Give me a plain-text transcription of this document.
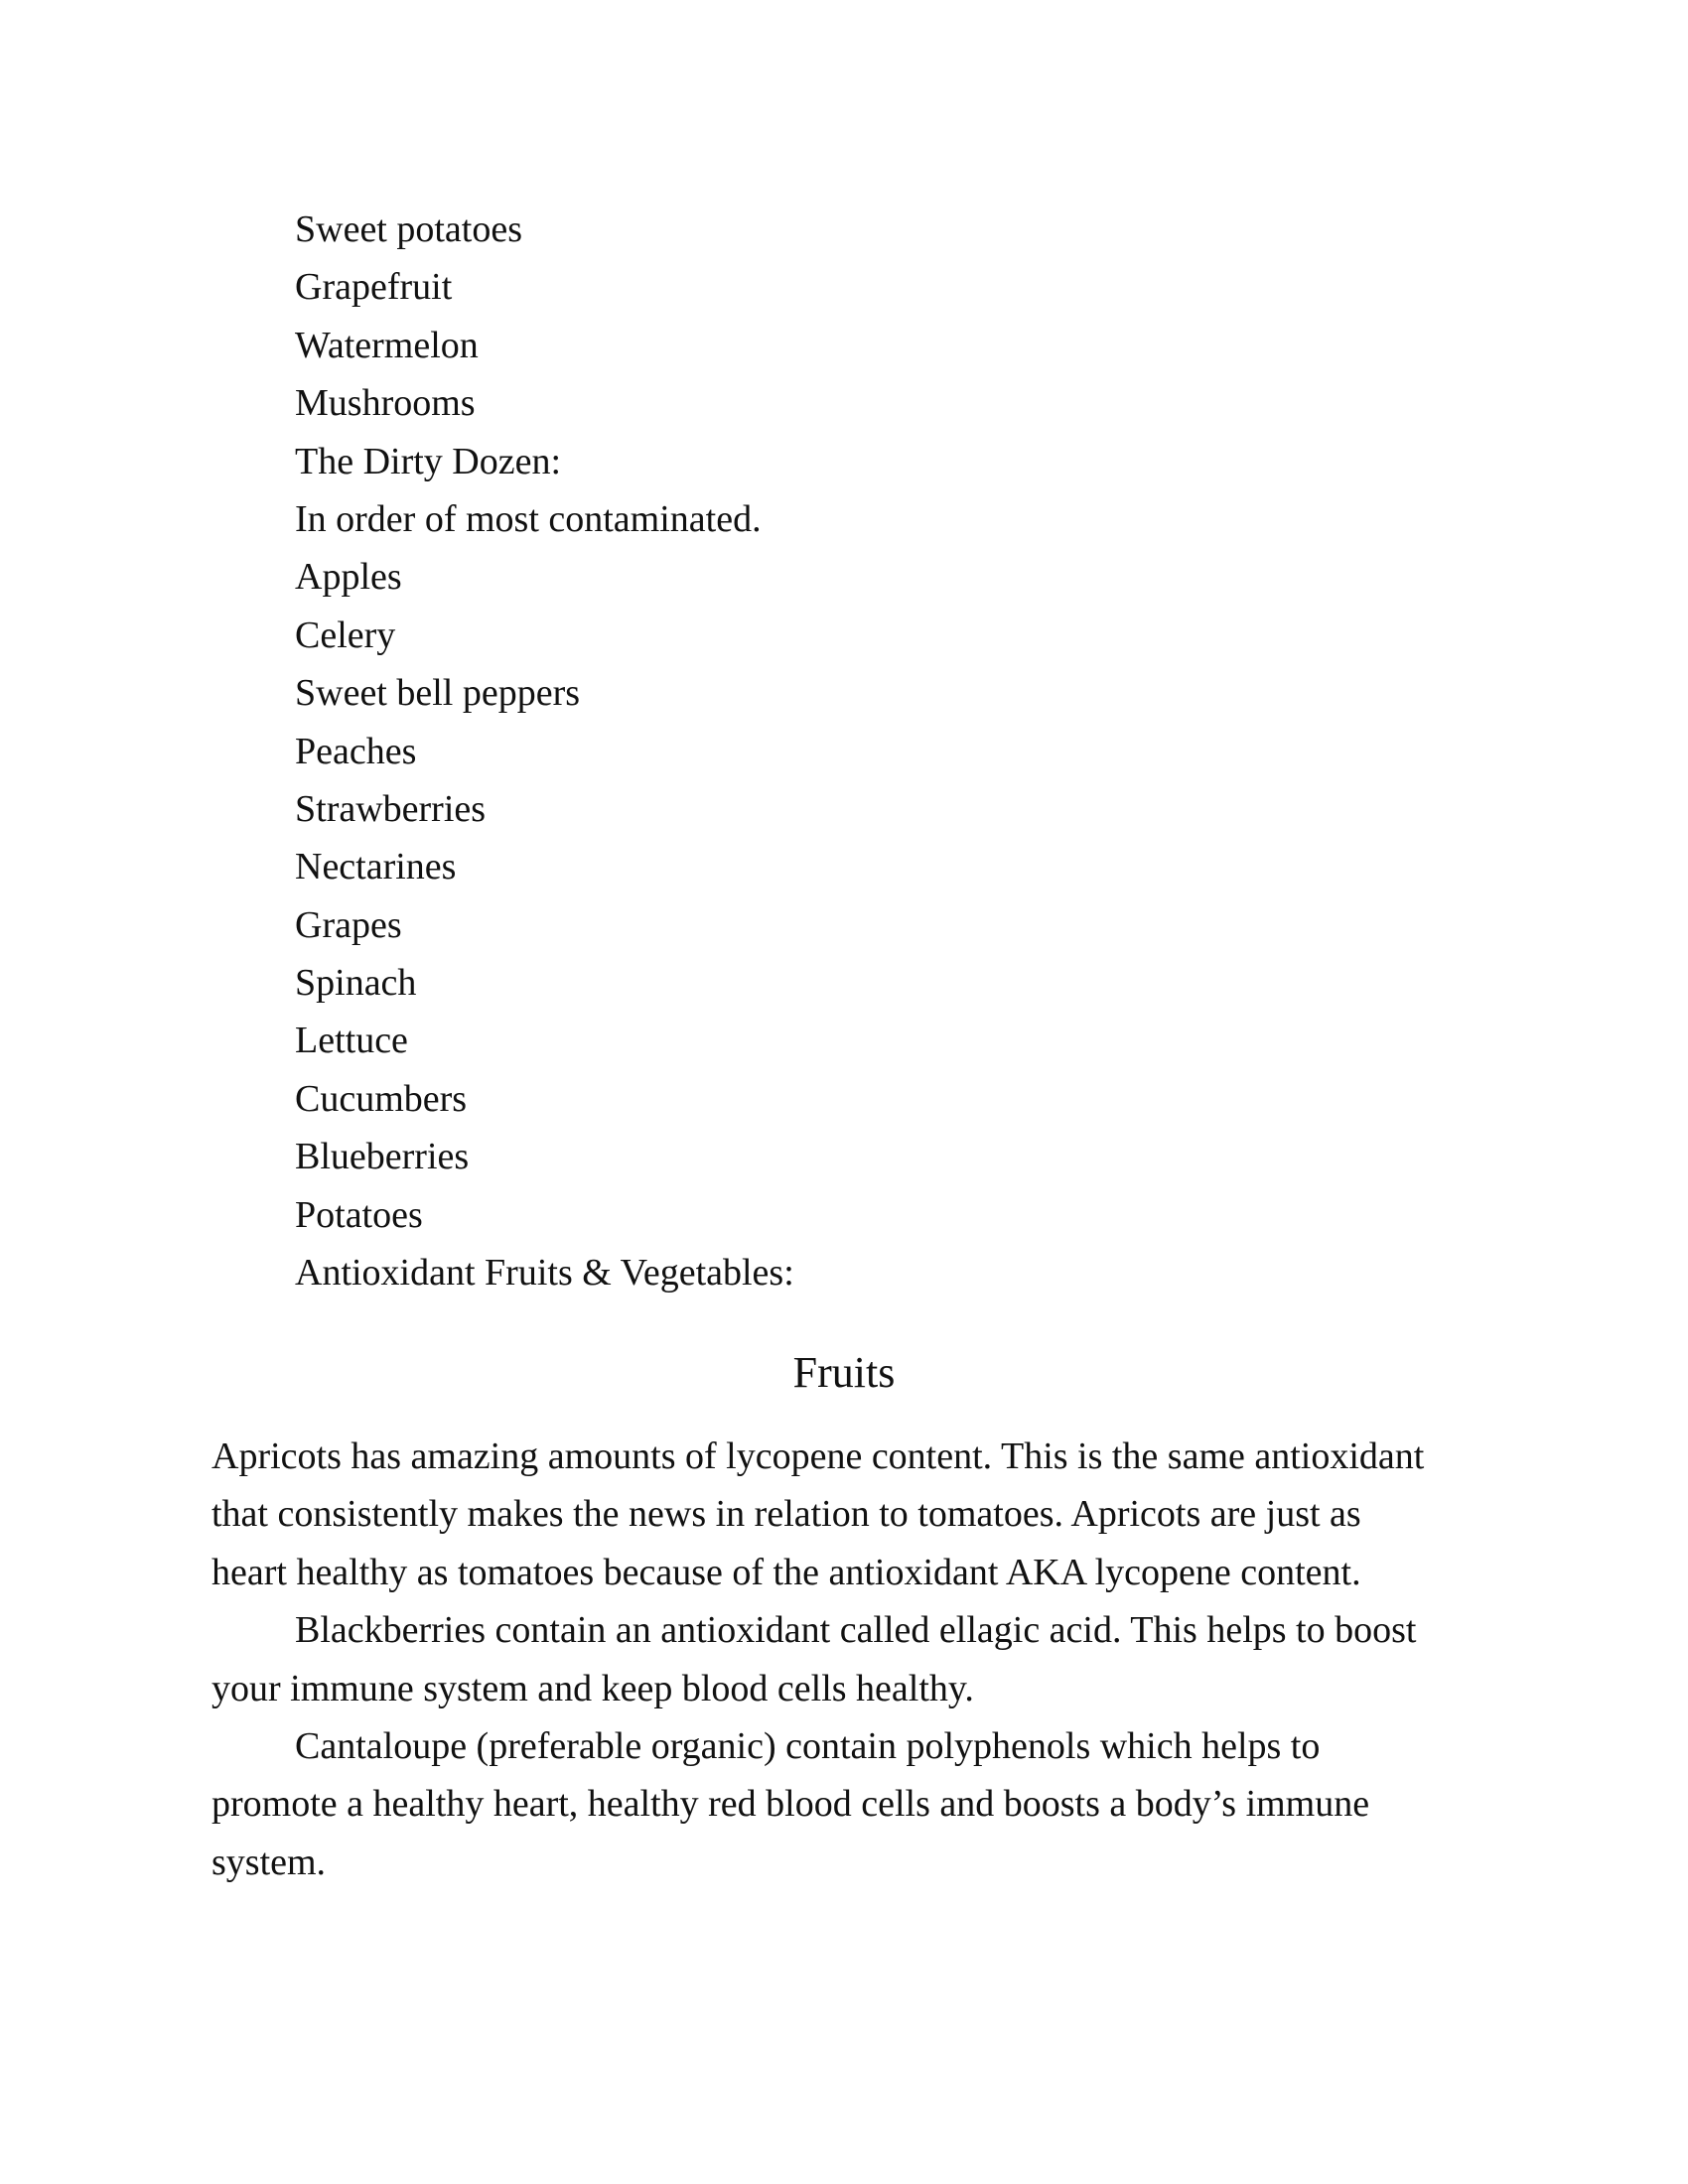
Sweet potatoes
Grapefruit
Watermelon
Mushrooms
The Dirty Dozen:
In order of most contaminated.
Apples
Celery
Sweet bell peppers
Peaches
Strawberries
Nectarines
Grapes
Spinach
Lettuce
Cucumbers
Blueberries
Potatoes
Antioxidant Fruits & Vegetables:
Fruits

Apricots has amazing amounts of lycopene content. This is the same antioxidant that consistently makes the news in relation to tomatoes. Apricots are just as heart healthy as tomatoes because of the antioxidant AKA lycopene content.

Blackberries contain an antioxidant called ellagic acid. This helps to boost your immune system and keep blood cells healthy.

Cantaloupe (preferable organic) contain polyphenols which helps to promote a healthy heart, healthy red blood cells and boosts a body’s immune system.
